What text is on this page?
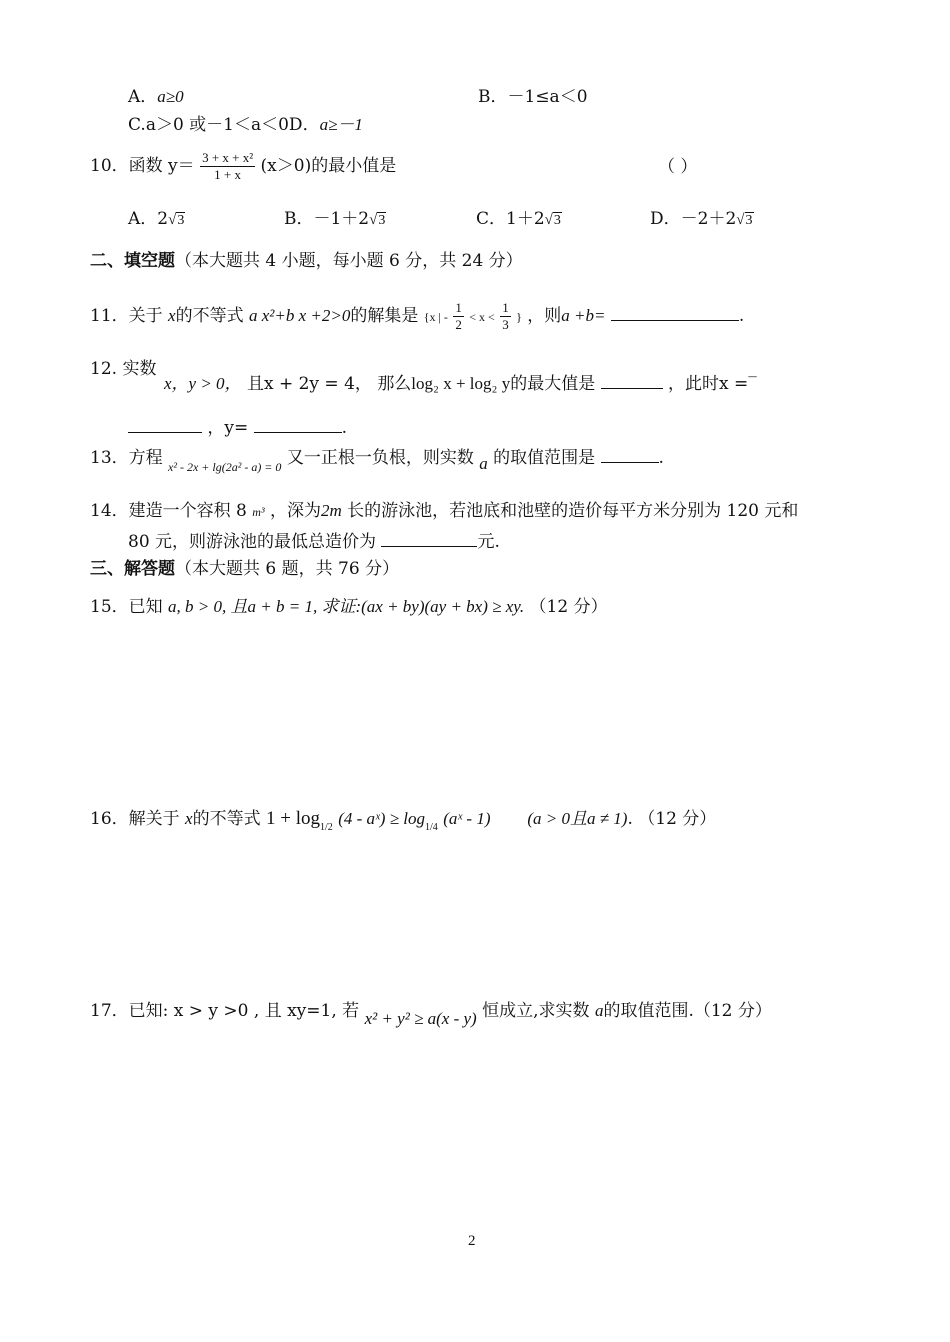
A．a≥0	B．－1≤a＜0
C.a＞0 或－1＜a＜0D．a≥－1
10．函数 $y= \frac{\text{3 + x + x²}}{1 + x} (x>0)$的最小值是	（ ）
A．2√3	B．－1＋2√3	C．1＋2√3	D．－2＋2√3
二、填空题（本大题共 4 小题，每小题 6 分，共 24 分）
11．关于 x的不等式 a x²+b x +2>0的解集是 {x | - $\frac{1}{2} < x < \frac{1}{3}$ } ，则a +b=	.
12. 实数
x，y > 0， 且x + 2y = 4， 那么log₂ x + log₂ y的最大值是	，此时x =‾
，y=	.
13．方程 $_{x^2 - 2x + lg(2a^2 - a) = 0}$ 又一正根一负根，则实数 a 的取值范围是	.
14．建造一个容积 8 m³ ，深为2m 长的游泳池，若池底和池壁的造价每平方米分别为 120 元和
80 元，则游泳池的最低总造价为	元.
三、解答题（本大题共 6 题，共 76 分）
15．已知 a, b > 0, 且a + b = 1, 求证:(ax + by)(ay + bx) ≥ xy. （12 分）
16．解关于 x的不等式 $1 + \log_{1/2} (4$ - aˣ) ≥ $\log_{1/4}$ (aˣ - 1) (a > 0且a ≠ 1). （12 分）
17．已知: x > y >0 , 且 xy=1, 若 x² + y² ≥ a(x - y) 恒成立,求实数 a的取值范围.（12 分）
2
